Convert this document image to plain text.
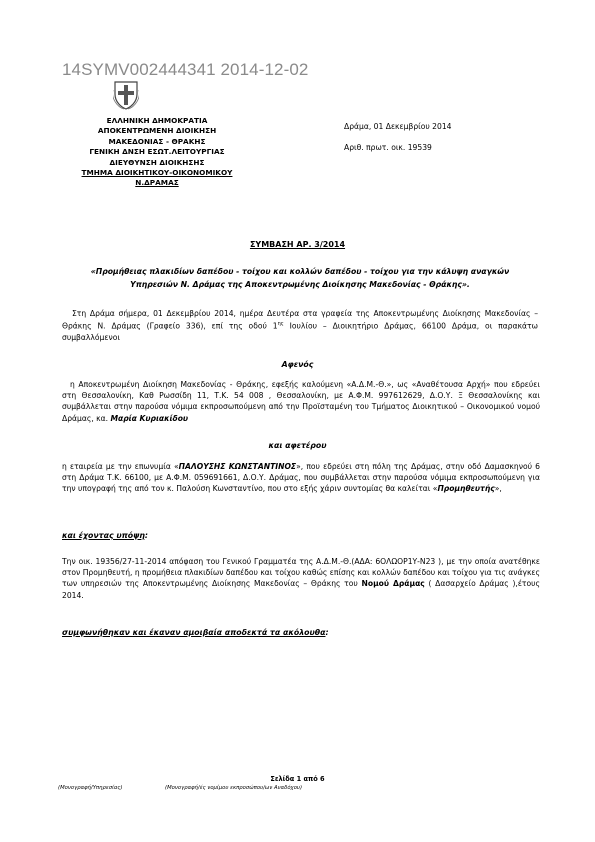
14SYMV002444341 2014-12-02
ΕΛΛΗΝΙΚΗ ΔΗΜΟΚΡΑΤΙΑ
ΑΠΟΚΕΝΤΡΩΜΕΝΗ ΔΙΟΙΚΗΣΗ
ΜΑΚΕΔΟΝΙΑΣ - ΘΡΑΚΗΣ
ΓΕΝΙΚΗ ΔΝΣΗ ΕΣΩΤ.ΛΕΙΤΟΥΡΓΙΑΣ
ΔΙΕΥΘΥΝΣΗ ΔΙΟΙΚΗΣΗΣ
ΤΜΗΜΑ ΔΙΟΙΚΗΤΙΚΟΥ-ΟΙΚΟΝΟΜΙΚΟΥ
Ν.ΔΡΑΜΑΣ
Δράμα, 01 Δεκεμβρίου 2014
Αριθ. πρωτ. οικ. 19539
ΣΥΜΒΑΣΗ ΑΡ. 3/2014
«Προμήθειας πλακιδίων δαπέδου - τοίχου και κολλών δαπέδου - τοίχου για την κάλυψη αναγκών
Υπηρεσιών Ν. Δράμας της Αποκεντρωμένης Διοίκησης Μακεδονίας - Θράκης».
Στη Δράμα σήμερα, 01 Δεκεμβρίου 2014, ημέρα Δευτέρα στα γραφεία της Αποκεντρωμένης Διοίκησης Μακεδονίας – Θράκης Ν. Δράμας (Γραφείο 336), επί της οδού $1^{\eta\varsigma}$ Ιουλίου – Διοικητήριο Δράμας, 66100 Δράμα, οι παρακάτω συμβαλλόμενοι
Αφενός
η Αποκεντρωμένη Διοίκηση Μακεδονίας - Θράκης, εφεξής καλούμενη «Α.Δ.Μ.-Θ.», ως «Αναθέτουσα Αρχή» που εδρεύει στη Θεσσαλονίκη, Καθ Ρωσσίδη 11, Τ.Κ. 54 008 , Θεσσαλονίκη, με Α.Φ.Μ. 997612629, Δ.Ο.Υ. Ξ Θεσσαλονίκης και συμβάλλεται στην παρούσα νόμιμα εκπροσωπούμενη από την Προϊσταμένη του Τμήματος Διοικητικού – Οικονομικού νομού Δράμας, κα. Μαρία Κυριακίδου
και αφετέρου
η εταιρεία με την επωνυμία «ΠΑΛΟΥΣΗΣ ΚΩΝΣΤΑΝΤΙΝΟΣ», που εδρεύει στη πόλη της Δράμας, στην οδό Δαμασκηνού 6 στη Δράμα Τ.Κ. 66100, με Α.Φ.Μ. 059691661, Δ.Ο.Υ. Δράμας, που συμβάλλεται στην παρούσα νόμιμα εκπροσωπούμενη για την υπογραφή της από τον κ. Παλούση Κωνσταντίνο, που στο εξής χάριν συντομίας θα καλείται «Προμηθευτής»,
και έχοντας υπόψη:
Την οικ. 19356/27-11-2014 απόφαση του Γενικού Γραμματέα της Α.Δ.Μ.-Θ.(ΑΔΑ: 6ΟΛΩΟΡ1Υ-Ν23 ), με την οποία ανατέθηκε στον Προμηθευτή, η προμήθεια πλακιδίων δαπέδου και τοίχου καθώς επίσης και κολλών δαπέδου και τοίχου για τις ανάγκες των υπηρεσιών της Αποκεντρωμένης Διοίκησης Μακεδονίας – Θράκης του Νομού Δράμας ( Δασαρχείο Δράμας ),έτους 2014.
συμφωνήθηκαν και έκαναν αμοιβαία αποδεκτά τα ακόλουθα:
Σελίδα 1 από 6
(Μονογραφή/Υπηρεσίας)	(Μονογραφή/ές νομίμου εκπροσώπου/ων Αναδόχου)
